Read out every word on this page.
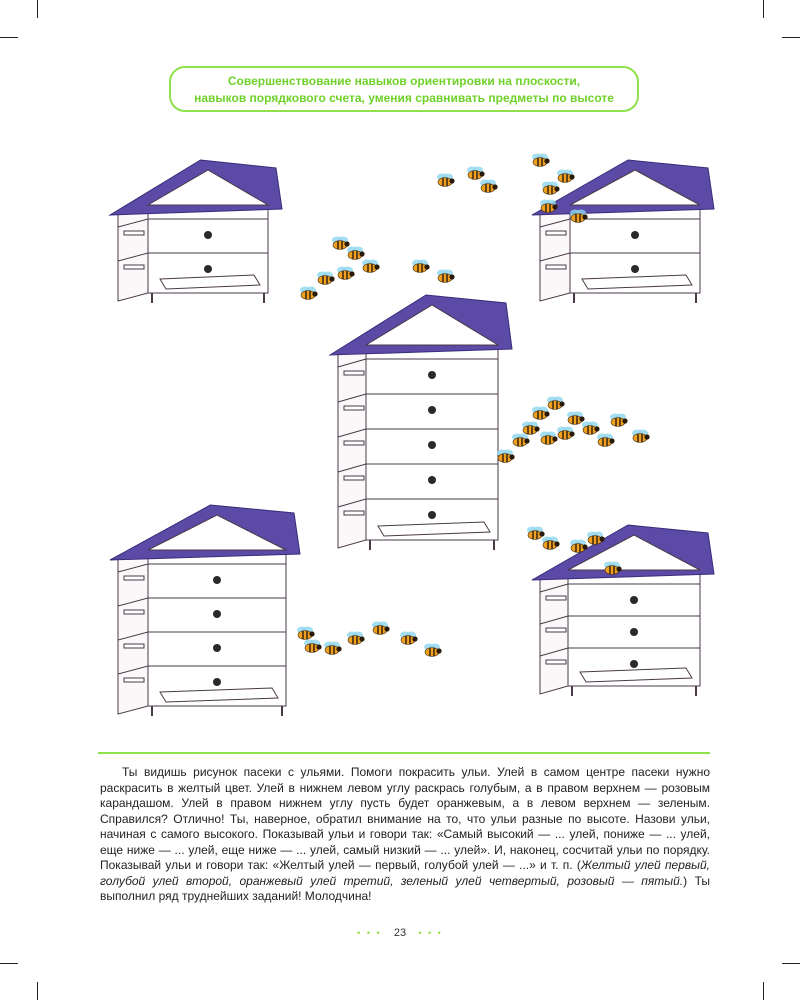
Совершенствование навыков ориентировки на плоскости,
навыков порядкового счета, умения сравнивать предметы по высоте

Ты видишь рисунок пасеки с ульями. Помоги покрасить ульи. Улей в самом центре пасеки нужно раскрасить в желтый цвет. Улей в нижнем левом углу раскрась голубым, а в правом верхнем — розовым карандашом. Улей в правом нижнем углу пусть будет оранжевым, а в левом верхнем — зеленым. Справился? Отлично! Ты, наверное, обратил внимание на то, что ульи разные по высоте. Назови ульи, начиная с самого высокого. Показывай ульи и говори так: «Самый высокий — ... улей, пониже — ... улей, еще ниже — ... улей, еще ниже — ... улей, самый низкий — ... улей». И, наконец, сосчитай ульи по порядку. Показывай ульи и говори так: «Желтый улей — первый, голубой улей — ...» и т. п. (Желтый улей первый, голубой улей второй, оранжевый улей третий, зеленый улей четвертый, розовый — пятый.) Ты выполнил ряд труднейших заданий! Молодчина!

• • • 23 • • •
